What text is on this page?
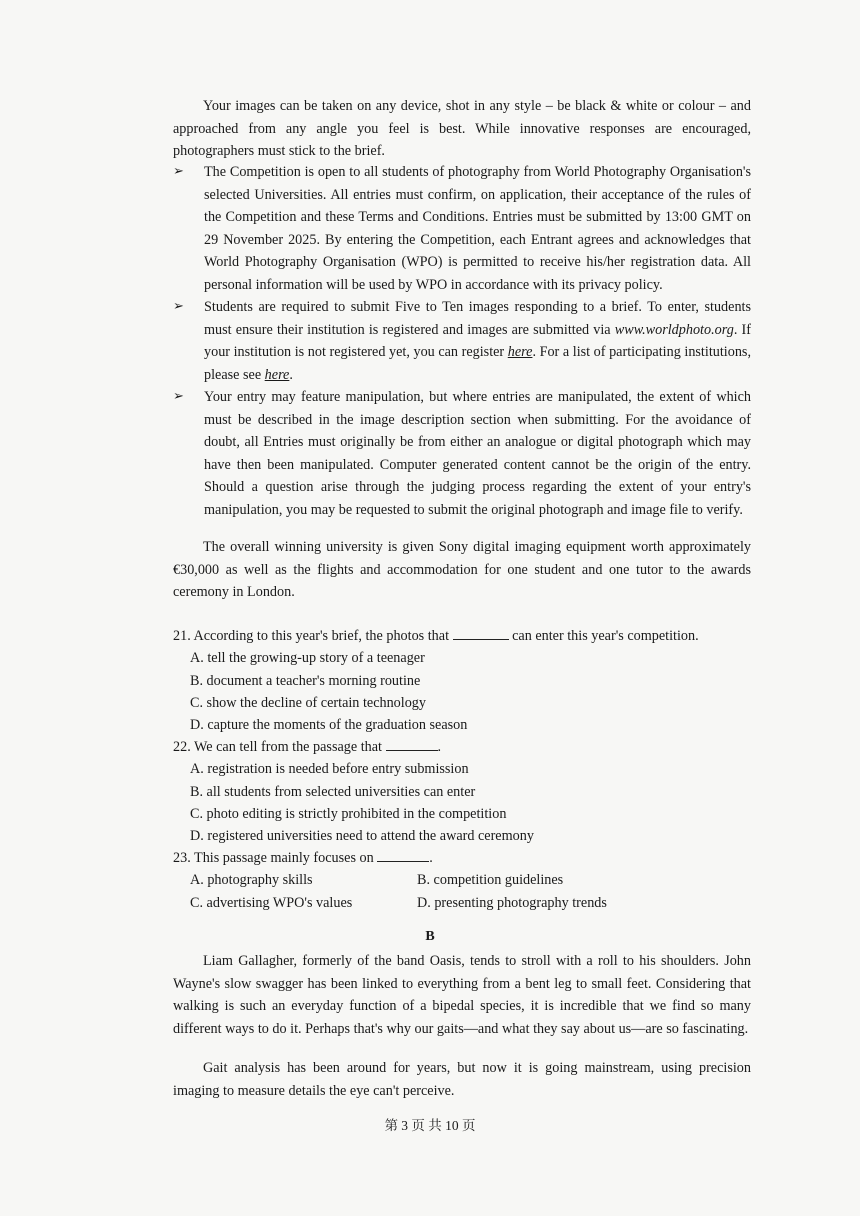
Your images can be taken on any device, shot in any style – be black & white or colour – and approached from any angle you feel is best. While innovative responses are encouraged, photographers must stick to the brief.

➢ The Competition is open to all students of photography from World Photography Organisation's selected Universities. All entries must confirm, on application, their acceptance of the rules of the Competition and these Terms and Conditions. Entries must be submitted by 13:00 GMT on 29 November 2025. By entering the Competition, each Entrant agrees and acknowledges that World Photography Organisation (WPO) is permitted to receive his/her registration data. All personal information will be used by WPO in accordance with its privacy policy.
➢ Students are required to submit Five to Ten images responding to a brief. To enter, students must ensure their institution is registered and images are submitted via www.worldphoto.org. If your institution is not registered yet, you can register here. For a list of participating institutions, please see here.
➢ Your entry may feature manipulation, but where entries are manipulated, the extent of which must be described in the image description section when submitting. For the avoidance of doubt, all Entries must originally be from either an analogue or digital photograph which may have then been manipulated. Computer generated content cannot be the origin of the entry. Should a question arise through the judging process regarding the extent of your entry's manipulation, you may be requested to submit the original photograph and image file to verify.

The overall winning university is given Sony digital imaging equipment worth approximately €30,000 as well as the flights and accommodation for one student and one tutor to the awards ceremony in London.

21. According to this year's brief, the photos that	can enter this year's competition.

A. tell the growing-up story of a teenager

B. document a teacher's morning routine

C. show the decline of certain technology

D. capture the moments of the graduation season

22. We can tell from the passage that	.

A. registration is needed before entry submission

B. all students from selected universities can enter

C. photo editing is strictly prohibited in the competition

D. registered universities need to attend the award ceremony

23. This passage mainly focuses on	.

A. photography skills	B. competition guidelines
C. advertising WPO's values	D. presenting photography trends
B

Liam Gallagher, formerly of the band Oasis, tends to stroll with a roll to his shoulders. John Wayne's slow swagger has been linked to everything from a bent leg to small feet. Considering that walking is such an everyday function of a bipedal species, it is incredible that we find so many different ways to do it. Perhaps that's why our gaits—and what they say about us—are so fascinating.

Gait analysis has been around for years, but now it is going mainstream, using precision imaging to measure details the eye can't perceive.

第 3 页 共 10 页
